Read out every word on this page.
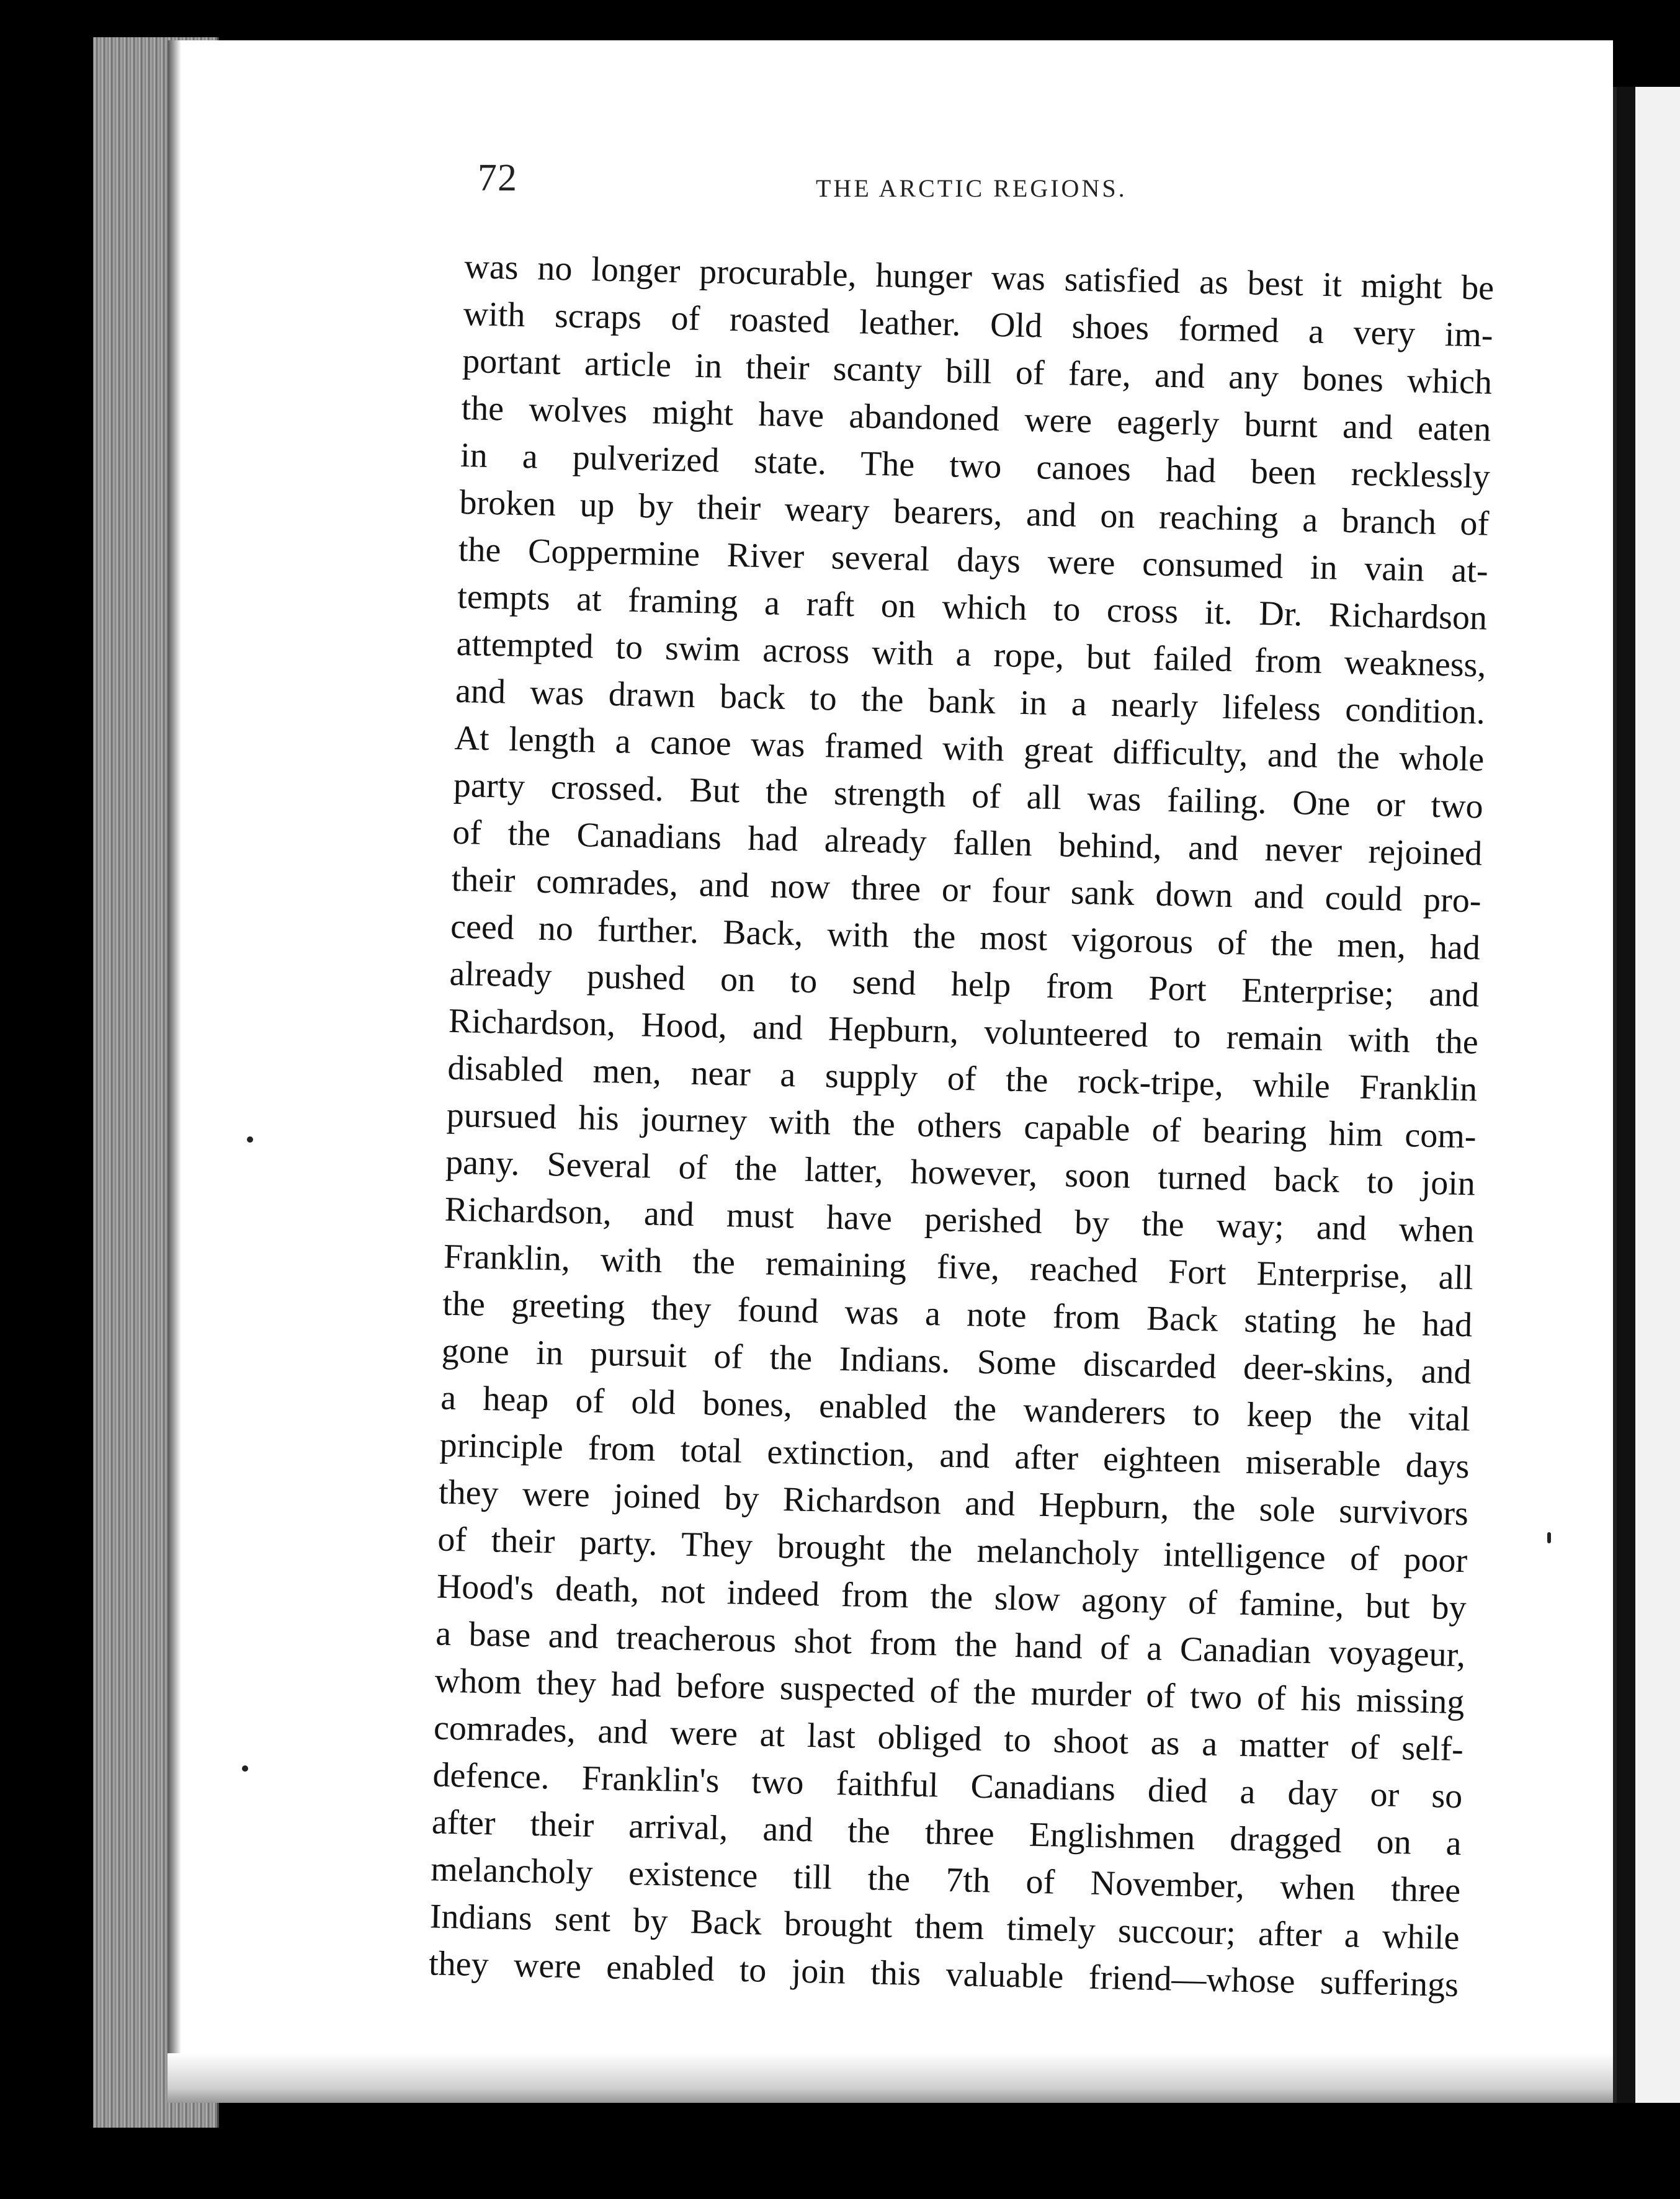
72	THE ARCTIC REGIONS.
was no longer procurable, hunger was satisfied as best it might be
with scraps of roasted leather. Old shoes formed a very im-
portant article in their scanty bill of fare, and any bones which
the wolves might have abandoned were eagerly burnt and eaten
in a pulverized state. The two canoes had been recklessly
broken up by their weary bearers, and on reaching a branch of
the Coppermine River several days were consumed in vain at-
tempts at framing a raft on which to cross it. Dr. Richardson
attempted to swim across with a rope, but failed from weakness,
and was drawn back to the bank in a nearly lifeless condition.
At length a canoe was framed with great difficulty, and the whole
party crossed. But the strength of all was failing. One or two
of the Canadians had already fallen behind, and never rejoined
their comrades, and now three or four sank down and could pro-
ceed no further. Back, with the most vigorous of the men, had
already pushed on to send help from Port Enterprise; and
Richardson, Hood, and Hepburn, volunteered to remain with the
disabled men, near a supply of the rock-tripe, while Franklin
pursued his journey with the others capable of bearing him com-
pany. Several of the latter, however, soon turned back to join
Richardson, and must have perished by the way; and when
Franklin, with the remaining five, reached Fort Enterprise, all
the greeting they found was a note from Back stating he had
gone in pursuit of the Indians. Some discarded deer-skins, and
a heap of old bones, enabled the wanderers to keep the vital
principle from total extinction, and after eighteen miserable days
they were joined by Richardson and Hepburn, the sole survivors
of their party. They brought the melancholy intelligence of poor
Hood's death, not indeed from the slow agony of famine, but by
a base and treacherous shot from the hand of a Canadian voyageur,
whom they had before suspected of the murder of two of his missing
comrades, and were at last obliged to shoot as a matter of self-
defence. Franklin's two faithful Canadians died a day or so
after their arrival, and the three Englishmen dragged on a
melancholy existence till the 7th of November, when three
Indians sent by Back brought them timely succour; after a while
they were enabled to join this valuable friend—whose sufferings
